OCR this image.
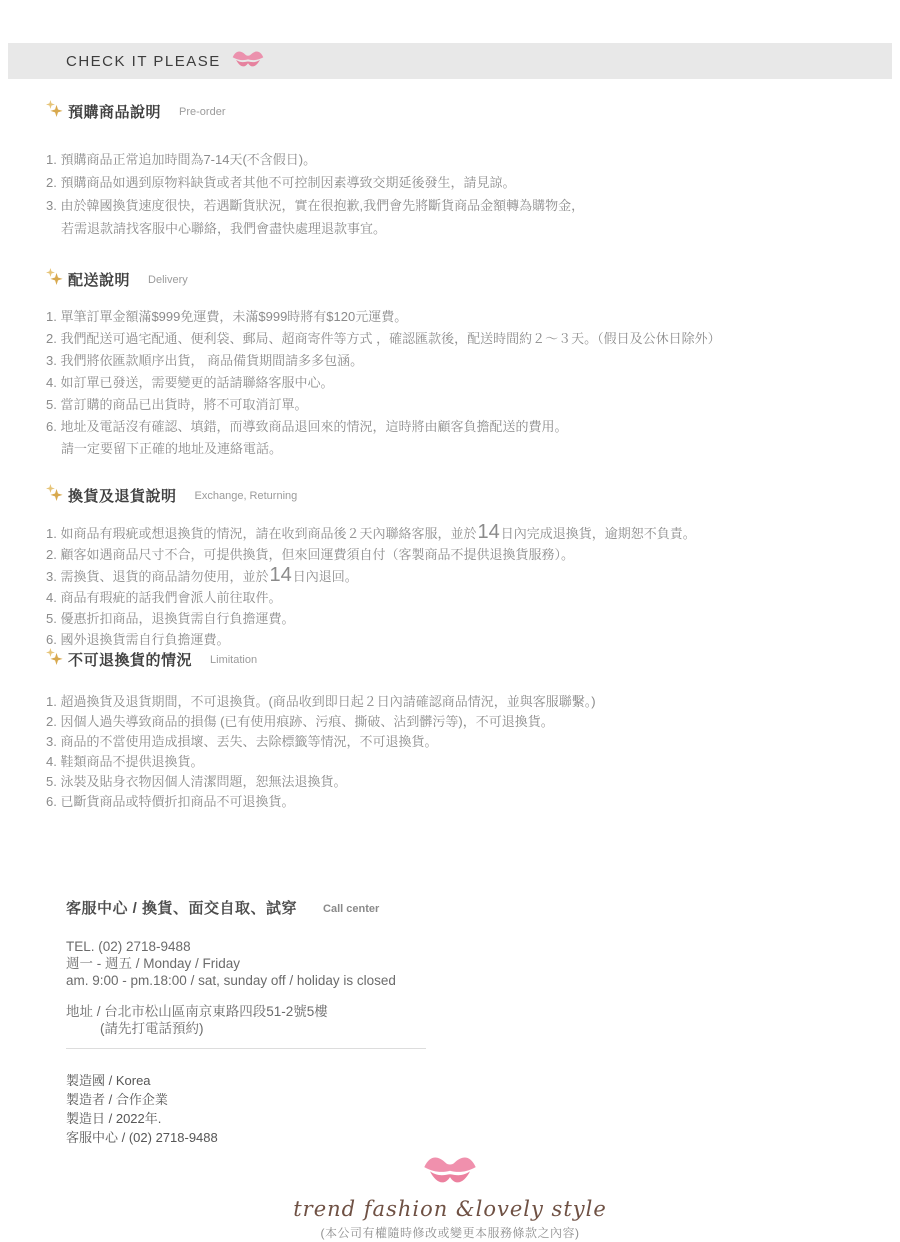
CHECK IT PLEASE
預購商品說明 Pre-order
1. 預購商品正常追加時間為7-14天(不含假日)。
2. 預購商品如遇到原物料缺貨或者其他不可控制因素導致交期延後發生，請見諒。
3. 由於韓國換貨速度很快，若遇斷貨狀況，實在很抱歉,我們會先將斷貨商品金額轉為購物金，
若需退款請找客服中心聯絡，我們會盡快處理退款事宜。
配送說明 Delivery
1. 單筆訂單金額滿$999免運費，未滿$999時將有$120元運費。
2. 我們配送可過宅配通、便利袋、郵局、超商寄件等方式 ，確認匯款後，配送時間約２～３天。（假日及公休日除外）
3. 我們將依匯款順序出貨， 商品備貨期間請多多包涵。
4. 如訂單已發送，需要變更的話請聯絡客服中心。
5. 當訂購的商品已出貨時，將不可取消訂單。
6. 地址及電話沒有確認、填錯，而導致商品退回來的情況，這時將由顧客負擔配送的費用。
請一定要留下正確的地址及連絡電話。
換貨及退貨說明 Exchange, Returning
1. 如商品有瑕疵或想退換貨的情況，請在收到商品後２天內聯絡客服，並於14日內完成退換貨，逾期恕不負責。
2. 顧客如遇商品尺寸不合，可提供換貨，但來回運費須自付（客製商品不提供退換貨服務）。
3. 需換貨、退貨的商品請勿使用，並於14日內退回。
4. 商品有瑕疵的話我們會派人前往取件。
5. 優惠折扣商品，退換貨需自行負擔運費。
6. 國外退換貨需自行負擔運費。
不可退換貨的情況 Limitation
1. 超過換貨及退貨期間，不可退換貨。(商品收到即日起２日內請確認商品情況，並與客服聯繫。)
2. 因個人過失導致商品的損傷 (已有使用痕跡、污痕、撕破、沾到髒污等)，不可退換貨。
3. 商品的不當使用造成損壞、丟失、去除標籤等情況，不可退換貨。
4. 鞋類商品不提供退換貨。
5. 泳裝及貼身衣物因個人清潔問題，恕無法退換貨。
6. 已斷貨商品或特價折扣商品不可退換貨。
客服中心 / 換貨、面交自取、試穿 Call center
TEL. (02) 2718-9488
週一 - 週五 / Monday / Friday
am. 9:00 - pm.18:00 / sat, sunday off / holiday is closed
地址 / 台北市松山區南京東路四段51-2號5樓
(請先打電話預約)
製造國 / Korea
製造者 / 合作企業
製造日 / 2022年.
客服中心 / (02) 2718-9488
trend fashion &lovely style
(本公司有權隨時修改或變更本服務條款之內容)
